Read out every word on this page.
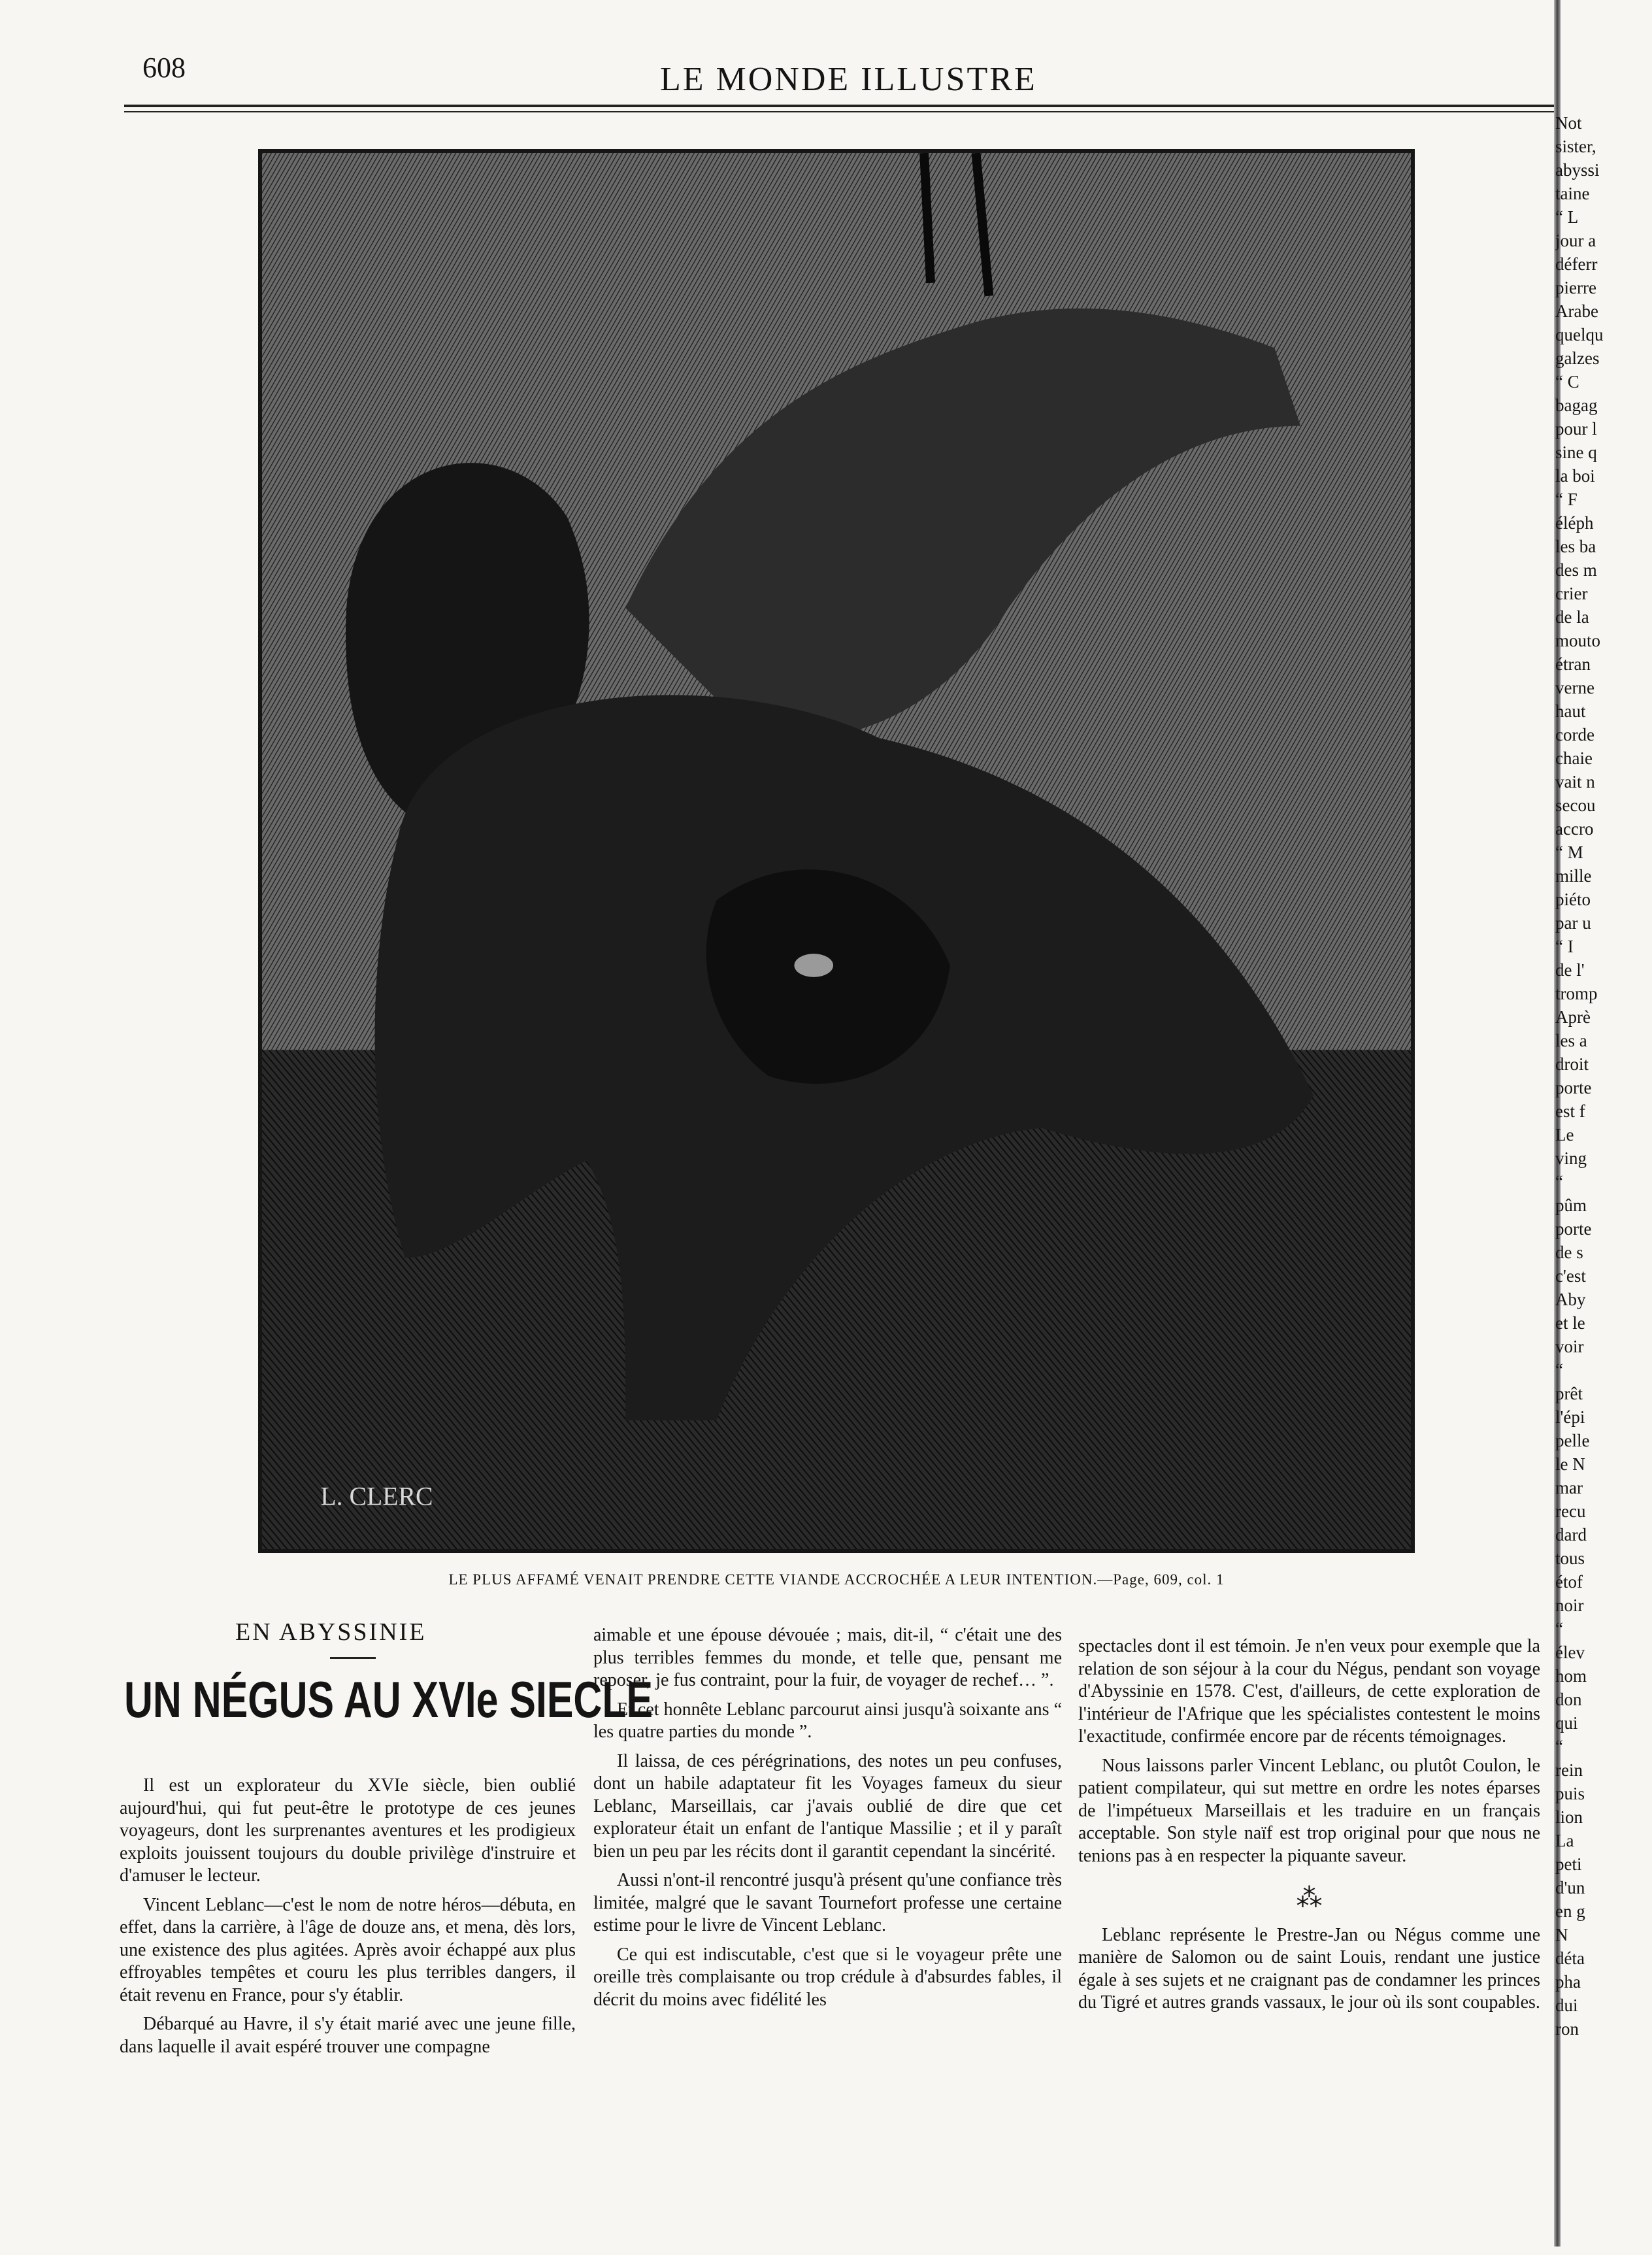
608	LE MONDE ILLUSTRE
L. CLERC
LE PLUS AFFAMÉ VENAIT PRENDRE CETTE VIANDE ACCROCHÉE A LEUR INTENTION.—Page, 609, col. 1
EN ABYSSINIE
UN NÉGUS AU XVIe SIECLE

Il est un explorateur du XVIe siècle, bien oublié aujourd'hui, qui fut peut-être le prototype de ces jeunes voyageurs, dont les surprenantes aventures et les prodigieux exploits jouissent toujours du double privilège d'instruire et d'amuser le lecteur.

Vincent Leblanc—c'est le nom de notre héros—débuta, en effet, dans la carrière, à l'âge de douze ans, et mena, dès lors, une existence des plus agitées. Après avoir échappé aux plus effroyables tempêtes et couru les plus terribles dangers, il était revenu en France, pour s'y établir.

Débarqué au Havre, il s'y était marié avec une jeune fille, dans laquelle il avait espéré trouver une compagne

aimable et une épouse dévouée ; mais, dit-il, “ c'était une des plus terribles femmes du monde, et telle que, pensant me reposer, je fus contraint, pour la fuir, de voyager de rechef… ”.

Et cet honnête Leblanc parcourut ainsi jusqu'à soixante ans “ les quatre parties du monde ”.

Il laissa, de ces pérégrinations, des notes un peu confuses, dont un habile adaptateur fit les Voyages fameux du sieur Leblanc, Marseillais, car j'avais oublié de dire que cet explorateur était un enfant de l'antique Massilie ; et il y paraît bien un peu par les récits dont il garantit cependant la sincérité.

Aussi n'ont-il rencontré jusqu'à présent qu'une confiance très limitée, malgré que le savant Tournefort professe une certaine estime pour le livre de Vincent Leblanc.

Ce qui est indiscutable, c'est que si le voyageur prête une oreille très complaisante ou trop crédule à d'absurdes fables, il décrit du moins avec fidélité les

spectacles dont il est témoin. Je n'en veux pour exemple que la relation de son séjour à la cour du Négus, pendant son voyage d'Abyssinie en 1578. C'est, d'ailleurs, de cette exploration de l'intérieur de l'Afrique que les spécialistes contestent le moins l'exactitude, confirmée encore par de récents témoignages.

Nous laissons parler Vincent Leblanc, ou plutôt Coulon, le patient compilateur, qui sut mettre en ordre les notes éparses de l'impétueux Marseillais et les traduire en un français acceptable. Son style naïf est trop original pour que nous ne tenions pas à en respecter la piquante saveur.

⁂

Leblanc représente le Prestre-Jan ou Négus comme une manière de Salomon ou de saint Louis, rendant une justice égale à ses sujets et ne craignant pas de condamner les princes du Tigré et autres grands vassaux, le jour où ils sont coupables.

Not
sister,
abyssi
taine
“ L
jour a
déferr
pierre
Arabe
quelqu
galzes
“ C
bagag
pour l
sine q
la boi
“ F
éléph
les ba
des m
crier
de la
mouto
étran
verne
haut
corde
chaie
vait n
secou
accro
“ M
mille
piéto
par u
“ I
de l'
tromp
Aprè
les a
droit
porte
est f
Le
ving
“
pûm
porte
de s
c'est
Aby
et le
voir
“
prêt
l'épi
pelle
le N
mar
recu
dard
tous
étof
noir
“
élev
hom
don
qui
“
rein
puis
lion
La
peti
d'un
en g
N
déta
pha
dui
ron
